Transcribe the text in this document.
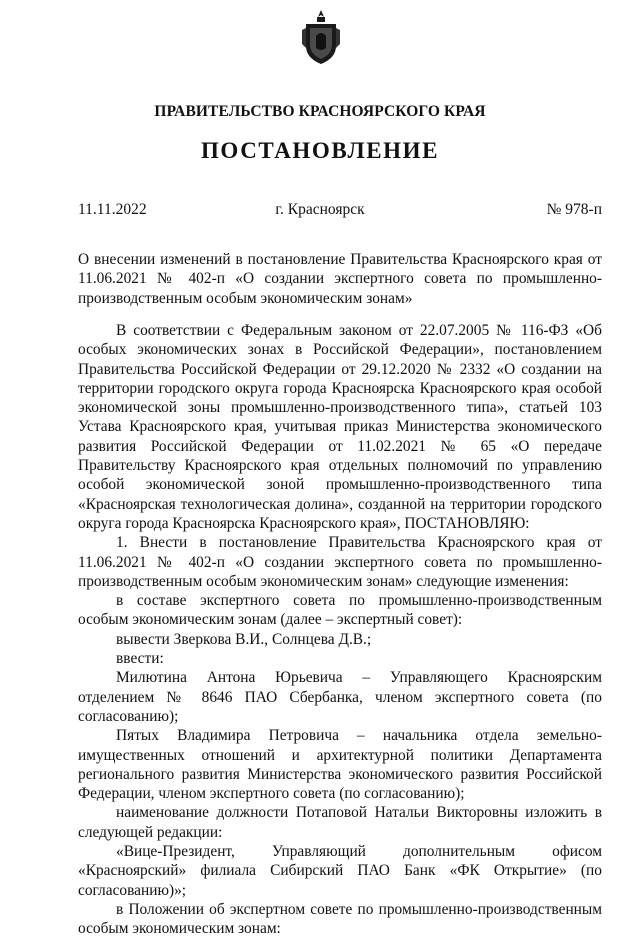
ПРАВИТЕЛЬСТВО КРАСНОЯРСКОГО КРАЯ
ПОСТАНОВЛЕНИЕ
11.11.2022	г. Красноярск	№ 978-п
О внесении изменений в постановление Правительства Красноярского края от 11.06.2021 № 402-п «О создании экспертного совета по промышленно-производственным особым экономическим зонам»

В соответствии с Федеральным законом от 22.07.2005 № 116-ФЗ «Об особых экономических зонах в Российской Федерации», постановлением Правительства Российской Федерации от 29.12.2020 № 2332 «О создании на территории городского округа города Красноярска Красноярского края особой экономической зоны промышленно-производственного типа», статьей 103 Устава Красноярского края, учитывая приказ Министерства экономического развития Российской Федерации от 11.02.2021 № 65 «О передаче Правительству Красноярского края отдельных полномочий по управлению особой экономической зоной промышленно-производственного типа «Красноярская технологическая долина», созданной на территории городского округа города Красноярска Красноярского края», ПОСТАНОВЛЯЮ:

1. Внести в постановление Правительства Красноярского края от 11.06.2021 № 402-п «О создании экспертного совета по промышленно-производственным особым экономическим зонам» следующие изменения:

в составе экспертного совета по промышленно-производственным особым экономическим зонам (далее – экспертный совет):

вывести Зверкова В.И., Солнцева Д.В.;

ввести:

Милютина Антона Юрьевича – Управляющего Красноярским отделением № 8646 ПАО Сбербанка, членом экспертного совета (по согласованию);

Пятых Владимира Петровича – начальника отдела земельно-имущественных отношений и архитектурной политики Департамента регионального развития Министерства экономического развития Российской Федерации, членом экспертного совета (по согласованию);

наименование должности Потаповой Натальи Викторовны изложить в следующей редакции:

«Вице-Президент, Управляющий дополнительным офисом «Красноярский» филиала Сибирский ПАО Банк «ФК Открытие» (по согласованию)»;

в Положении об экспертном совете по промышленно-производственным особым экономическим зонам:
